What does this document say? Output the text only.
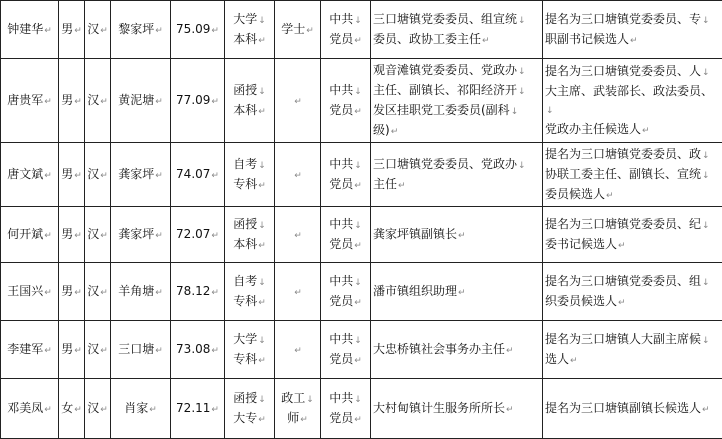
钟建华↵	男↵	汉↵	黎家坪↵	75.09↵	大学↓
本科↵	学士↵	中共↓
党员↵	三口塘镇党委委员、组宣统↓
委员、政协工委主任↵	提名为三口塘镇党委委员、专↓
职副书记候选人↵
唐贵军↵	男↵	汉↵	黄泥塘↵	77.09↵	函授↓
本科↵	↵	中共↓
党员↵	观音滩镇党委委员、党政办↓
主任、副镇长、祁阳经济开↓
发区挂职党工委委员(副科↓
级)↵	提名为三口塘镇党委委员、人↓
大主席、武装部长、政法委员、↓
党政办主任候选人↵
唐文斌↵	男↵	汉↵	龚家坪↵	74.07↵	自考↓
专科↵	↵	中共↓
党员↵	三口塘镇党委委员、党政办↓
主任↵	提名为三口塘镇党委委员、政↓
协联工委主任、副镇长、宣统↓
委员候选人↵
何开斌↵	男↵	汉↵	龚家坪↵	72.07↵	函授↓
本科↵	↵	中共↓
党员↵	龚家坪镇副镇长↵	提名为三口塘镇党委委员、纪↓
委书记候选人↵
王国兴↵	男↵	汉↵	羊角塘↵	78.12↵	自考↓
专科↵	↵	中共↓
党员↵	潘市镇组织助理↵	提名为三口塘镇党委委员、组↓
织委员候选人↵
李建军↵	男↵	汉↵	三口塘↵	73.08↵	大学↓
专科↵	↵	中共↓
党员↵	大忠桥镇社会事务办主任↵	提名为三口塘镇人大副主席候↓
选人↵
邓美凤↵	女↵	汉↵	肖家↵	72.11↵	函授↓
大专↵	政工↓
师↵	中共↓
党员↵	大村甸镇计生服务所所长↵	提名为三口塘镇副镇长候选人↵
